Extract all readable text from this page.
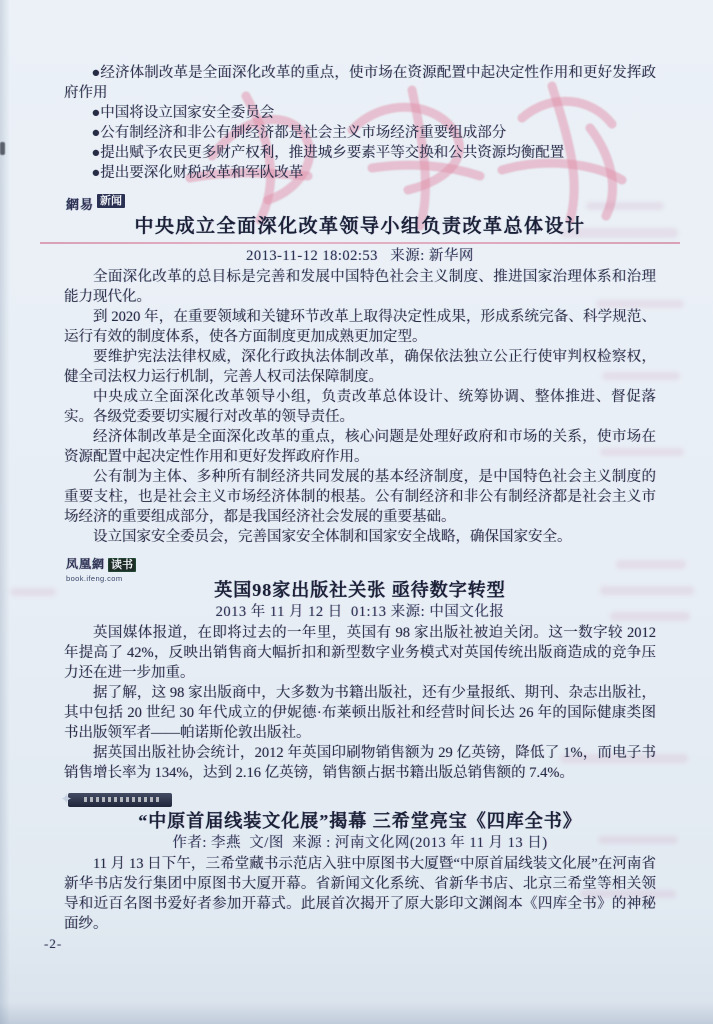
●经济体制改革是全面深化改革的重点，使市场在资源配置中起决定性作用和更好发挥政府作用

●中国将设立国家安全委员会

●公有制经济和非公有制经济都是社会主义市场经济重要组成部分

●提出赋予农民更多财产权利，推进城乡要素平等交换和公共资源均衡配置

●提出要深化财税改革和军队改革

網易 新闻
中央成立全面深化改革领导小组负责改革总体设计
2013-11-12 18:02:53   来源: 新华网

全面深化改革的总目标是完善和发展中国特色社会主义制度、推进国家治理体系和治理能力现代化。

到 2020 年，在重要领域和关键环节改革上取得决定性成果，形成系统完备、科学规范、运行有效的制度体系，使各方面制度更加成熟更加定型。

要维护宪法法律权威，深化行政执法体制改革，确保依法独立公正行使审判权检察权，健全司法权力运行机制，完善人权司法保障制度。

中央成立全面深化改革领导小组，负责改革总体设计、统筹协调、整体推进、督促落实。各级党委要切实履行对改革的领导责任。

经济体制改革是全面深化改革的重点，核心问题是处理好政府和市场的关系，使市场在资源配置中起决定性作用和更好发挥政府作用。

公有制为主体、多种所有制经济共同发展的基本经济制度，是中国特色社会主义制度的重要支柱，也是社会主义市场经济体制的根基。公有制经济和非公有制经济都是社会主义市场经济的重要组成部分，都是我国经济社会发展的重要基础。

设立国家安全委员会，完善国家安全体制和国家安全战略，确保国家安全。

凤凰網 读书
book.ifeng.com
英国98家出版社关张 亟待数字转型
2013 年 11 月 12 日  01:13 来源: 中国文化报

英国媒体报道，在即将过去的一年里，英国有 98 家出版社被迫关闭。这一数字较 2012 年提高了 42%，反映出销售商大幅折扣和新型数字业务模式对英国传统出版商造成的竞争压力还在进一步加重。

据了解，这 98 家出版商中，大多数为书籍出版社，还有少量报纸、期刊、杂志出版社，其中包括 20 世纪 30 年代成立的伊妮德·布莱顿出版社和经营时间长达 26 年的国际健康类图书出版领军者——帕诺斯伦敦出版社。

据英国出版社协会统计，2012 年英国印刷物销售额为 29 亿英镑，降低了 1%，而电子书销售增长率为 134%，达到 2.16 亿英镑，销售额占据书籍出版总销售额的 7.4%。

✦
“中原首届线装文化展”揭幕 三希堂亮宝《四库全书》
作者: 李燕  文/图  来源 : 河南文化网(2013 年 11 月 13 日)

11 月 13 日下午，三希堂藏书示范店入驻中原图书大厦暨“中原首届线装文化展”在河南省新华书店发行集团中原图书大厦开幕。省新闻文化系统、省新华书店、北京三希堂等相关领导和近百名图书爱好者参加开幕式。此展首次揭开了原大影印文渊阁本《四库全书》的神秘面纱。

-2-
